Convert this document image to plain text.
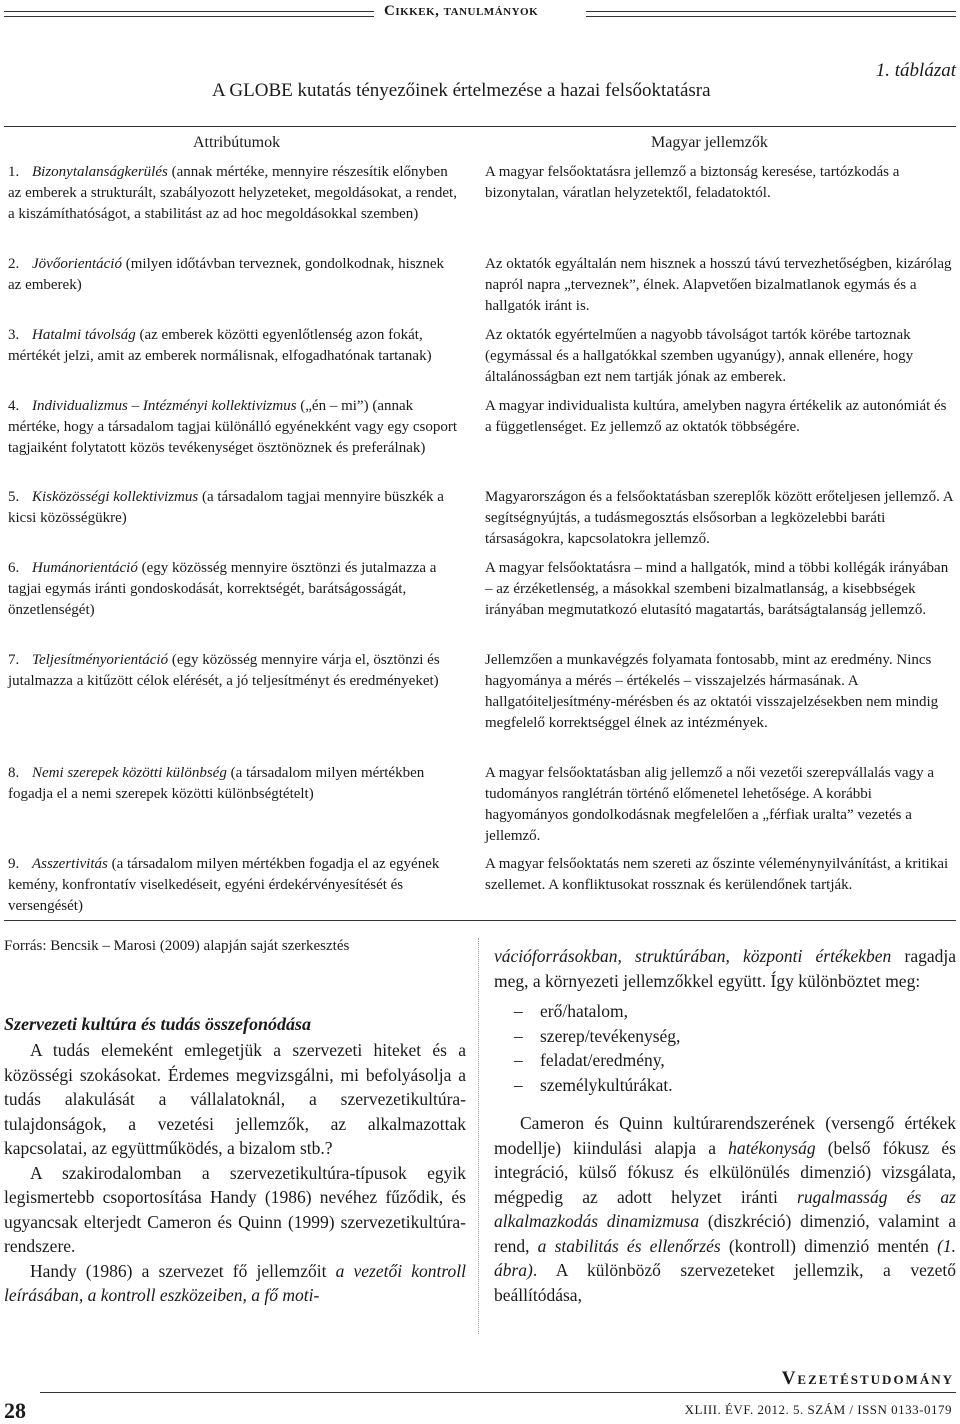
Cikkek, tanulmányok
1. táblázat
A GLOBE kutatás tényezőinek értelmezése a hazai felsőoktatásra
Attribútumok	Magyar jellemzők
1. Bizonytalanságkerülés (annak mértéke, mennyire részesítik előnyben az emberek a strukturált, szabályozott helyzeteket, megoldásokat, a rendet, a kiszámíthatóságot, a stabilitást az ad hoc megoldásokkal szemben)
A magyar felsőoktatásra jellemző a biztonság keresése, tartózkodás a bizonytalan, váratlan helyzetektől, feladatoktól.
2. Jövőorientáció (milyen időtávban terveznek, gondolkodnak, hisznek az emberek)
Az oktatók egyáltalán nem hisznek a hosszú távú tervezhetőségben, kizárólag napról napra „terveznek”, élnek. Alapvetően bizalmatlanok egymás és a hallgatók iránt is.
3. Hatalmi távolság (az emberek közötti egyenlőtlenség azon fokát, mértékét jelzi, amit az emberek normálisnak, elfogadhatónak tartanak)
Az oktatók egyértelműen a nagyobb távolságot tartók körébe tartoznak (egymással és a hallgatókkal szemben ugyanúgy), annak ellenére, hogy általánosságban ezt nem tartják jónak az emberek.
4. Individualizmus – Intézményi kollektivizmus („én – mi”) (annak mértéke, hogy a társadalom tagjai különálló egyénekként vagy egy csoport tagjaiként folytatott közös tevékenységet ösztönöznek és preferálnak)
A magyar individualista kultúra, amelyben nagyra értékelik az autonómiát és a függetlenséget. Ez jellemző az oktatók többségére.
5. Kisközösségi kollektivizmus (a társadalom tagjai mennyire büszkék a kicsi közösségükre)
Magyarországon és a felsőoktatásban szereplők között erőteljesen jellemző. A segítségnyújtás, a tudásmegosztás elsősorban a legközelebbi baráti társaságokra, kapcsolatokra jellemző.
6. Humánorientáció (egy közösség mennyire ösztönzi és jutalmazza a tagjai egymás iránti gondoskodását, korrektségét, barátságosságát, önzetlenségét)
A magyar felsőoktatásra – mind a hallgatók, mind a többi kollégák irányában – az érzéketlenség, a másokkal szembeni bizalmatlanság, a kisebbségek irányában megmutatkozó elutasító magatartás, barátságtalanság jellemző.
7. Teljesítményorientáció (egy közösség mennyire várja el, ösztönzi és jutalmazza a kitűzött célok elérését, a jó teljesítményt és eredményeket)
Jellemzően a munkavégzés folyamata fontosabb, mint az eredmény. Nincs hagyománya a mérés – értékelés – visszajelzés hármasának. A hallgatóiteljesítmény-mérésben és az oktatói visszajelzésekben nem mindig megfelelő korrektséggel élnek az intézmények.
8. Nemi szerepek közötti különbség (a társadalom milyen mértékben fogadja el a nemi szerepek közötti különbségtételt)
A magyar felsőoktatásban alig jellemző a női vezetői szerepvállalás vagy a tudományos ranglétrán történő előmenetel lehetősége. A korábbi hagyományos gondolkodásnak megfelelően a „férfiak uralta” vezetés a jellemző.
9. Asszertivitás (a társadalom milyen mértékben fogadja el az egyének kemény, konfrontatív viselkedéseit, egyéni érdekérvényesítését és versengését)
A magyar felsőoktatás nem szereti az őszinte véleménynyilvánítást, a kritikai szellemet. A konfliktusokat rossznak és kerülendőnek tartják.
Forrás: Bencsik – Marosi (2009) alapján saját szerkesztés
Szervezeti kultúra és tudás összefonódása

A tudás elemeként emlegetjük a szervezeti hiteket és a közösségi szokásokat. Érdemes megvizsgálni, mi befolyásolja a tudás alakulását a vállalatoknál, a szervezetikultúra-tulajdonságok, a vezetési jellemzők, az alkalmazottak kapcsolatai, az együttműködés, a bizalom stb.?

A szakirodalomban a szervezetikultúra-típusok egyik legismertebb csoportosítása Handy (1986) nevéhez fűződik, és ugyancsak elterjedt Cameron és Quinn (1999) szervezetikultúra-rendszere.

Handy (1986) a szervezet fő jellemzőit a vezetői kontroll leírásában, a kontroll eszközeiben, a fő moti-

vációforrásokban, struktúrában, központi értékekben ragadja meg, a környezeti jellemzőkkel együtt. Így különböztet meg:

– erő/hatalom,
– szerep/tevékenység,
– feladat/eredmény,
– személykultúrákat.

Cameron és Quinn kultúrarendszerének (versengő értékek modellje) kiindulási alapja a hatékonyság (belső fókusz és integráció, külső fókusz és elkülönülés dimenzió) vizsgálata, mégpedig az adott helyzet iránti rugalmasság és az alkalmazkodás dinamizmusa (diszkréció) dimenzió, valamint a rend, a stabilitás és ellenőrzés (kontroll) dimenzió mentén (1. ábra). A különböző szervezeteket jellemzik, a vezető beállítódása,

Vezetéstudomány
28	XLIII. ÉVF. 2012. 5. SZÁM / ISSN 0133-0179
